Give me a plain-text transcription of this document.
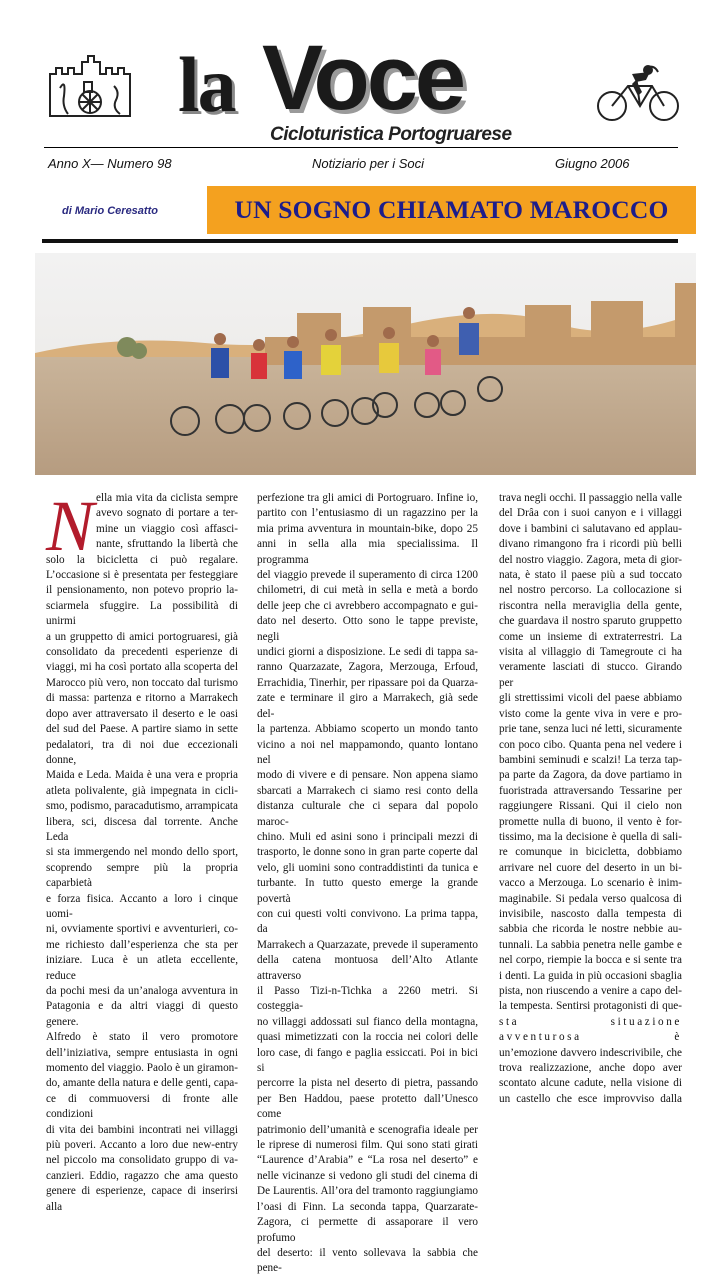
la Voce
Cicloturistica Portogruarese
Anno X— Numero 98	Notiziario per i Soci	Giugno 2006
di Mario Ceresatto	UN SOGNO CHIAMATO MAROCCO
N ella mia vita da ciclista sempre

avevo sognato di portare a ter-

mine un viaggio così affasci-

nante, sfruttando la libertà che

solo la bicicletta ci può regalare.

L’occasione si è presentata per festeggiare

il pensionamento, non potevo proprio la-

sciarmela sfuggire. La possibilità di unirmi

a un gruppetto di amici portogruaresi, già

consolidato da precedenti esperienze di

viaggi, mi ha così portato alla scoperta del

Marocco più vero, non toccato dal turismo

di massa: partenza e ritorno a Marrakech

dopo aver attraversato il deserto e le oasi

del sud del Paese. A partire siamo in sette

pedalatori, tra di noi due eccezionali donne,

Maida e Leda. Maida è una vera e propria

atleta polivalente, già impegnata in cicli-

smo, podismo, paracadutismo, arrampicata

libera, sci, discesa dal torrente. Anche Leda

si sta immergendo nel mondo dello sport,

scoprendo sempre più la propria caparbietà

e forza fisica. Accanto a loro i cinque uomi-

ni, ovviamente sportivi e avventurieri, co-

me richiesto dall’esperienza che sta per

iniziare. Luca è un atleta eccellente, reduce

da pochi mesi da un’analoga avventura in

Patagonia e da altri viaggi di questo genere.

Alfredo è stato il vero promotore

dell’iniziativa, sempre entusiasta in ogni

momento del viaggio. Paolo è un giramon-

do, amante della natura e delle genti, capa-

ce di commuoversi di fronte alle condizioni

di vita dei bambini incontrati nei villaggi

più poveri. Accanto a loro due new-entry

nel piccolo ma consolidato gruppo di va-

canzieri. Eddio, ragazzo che ama questo

genere di esperienze, capace di inserirsi alla

perfezione tra gli amici di Portogruaro. Infine io,

partito con l’entusiasmo di un ragazzino per la

mia prima avventura in mountain-bike, dopo 25

anni in sella alla mia specialissima. Il programma

del viaggio prevede il superamento di circa 1200

chilometri, di cui metà in sella e metà a bordo

delle jeep che ci avrebbero accompagnato e gui-

dato nel deserto. Otto sono le tappe previste, negli

undici giorni a disposizione. Le sedi di tappa sa-

ranno Quarzazate, Zagora, Merzouga, Erfoud,

Errachidia, Tinerhir, per ripassare poi da Quarza-

zate e terminare il giro a Marrakech, già sede del-

la partenza. Abbiamo scoperto un mondo tanto

vicino a noi nel mappamondo, quanto lontano nel

modo di vivere e di pensare. Non appena siamo

sbarcati a Marrakech ci siamo resi conto della

distanza culturale che ci separa dal popolo maroc-

chino. Muli ed asini sono i principali mezzi di

trasporto, le donne sono in gran parte coperte dal

velo, gli uomini sono contraddistinti da tunica e

turbante. In tutto questo emerge la grande povertà

con cui questi volti convivono. La prima tappa, da

Marrakech a Quarzazate, prevede il superamento

della catena montuosa dell’Alto Atlante attraverso

il Passo Tizi-n-Tichka a 2260 metri. Si costeggia-

no villaggi addossati sul fianco della montagna,

quasi mimetizzati con la roccia nei colori delle

loro case, di fango e paglia essiccati. Poi in bici si

percorre la pista nel deserto di pietra, passando

per Ben Haddou, paese protetto dall’Unesco come

patrimonio dell’umanità e scenografia ideale per

le riprese di numerosi film. Qui sono stati girati

“Laurence d’Arabia” e “La rosa nel deserto” e

nelle vicinanze si vedono gli studi del cinema di

De Laurentis. All’ora del tramonto raggiungiamo

l’oasi di Finn. La seconda tappa, Quarzarate-

Zagora, ci permette di assaporare il vero profumo

del deserto: il vento sollevava la sabbia che pene-

trava negli occhi. Il passaggio nella valle

del Drâa con i suoi canyon e i villaggi

dove i bambini ci salutavano ed applau-

divano rimangono fra i ricordi più belli

del nostro viaggio. Zagora, meta di gior-

nata, è stato il paese più a sud toccato

nel nostro percorso. La collocazione si

riscontra nella meraviglia della gente,

che guardava il nostro sparuto gruppetto

come un insieme di extraterrestri. La

visita al villaggio di Tamegroute ci ha

veramente lasciati di stucco. Girando per

gli strettissimi vicoli del paese abbiamo

visto come la gente viva in vere e pro-

prie tane, senza luci né letti, sicuramente

con poco cibo. Quanta pena nel vedere i

bambini seminudi e scalzi! La terza tap-

pa parte da Zagora, da dove partiamo in

fuoristrada attraversando Tessarine per

raggiungere Rissani. Qui il cielo non

promette nulla di buono, il vento è for-

tissimo, ma la decisione è quella di sali-

re comunque in bicicletta, dobbiamo

arrivare nel cuore del deserto in un bi-

vacco a Merzouga. Lo scenario è inim-

maginabile. Si pedala verso qualcosa di

invisibile, nascosto dalla tempesta di

sabbia che ricorda le nostre nebbie au-

tunnali. La sabbia penetra nelle gambe e

nel corpo, riempie la bocca e si sente tra

i denti. La guida in più occasioni sbaglia

pista, non riuscendo a venire a capo del-

la tempesta. Sentirsi protagonisti di que-

sta situazione avventurosa è

un’emozione davvero indescrivibile, che

trova realizzazione, anche dopo aver

scontato alcune cadute, nella visione di

un castello che esce improvviso dalla
